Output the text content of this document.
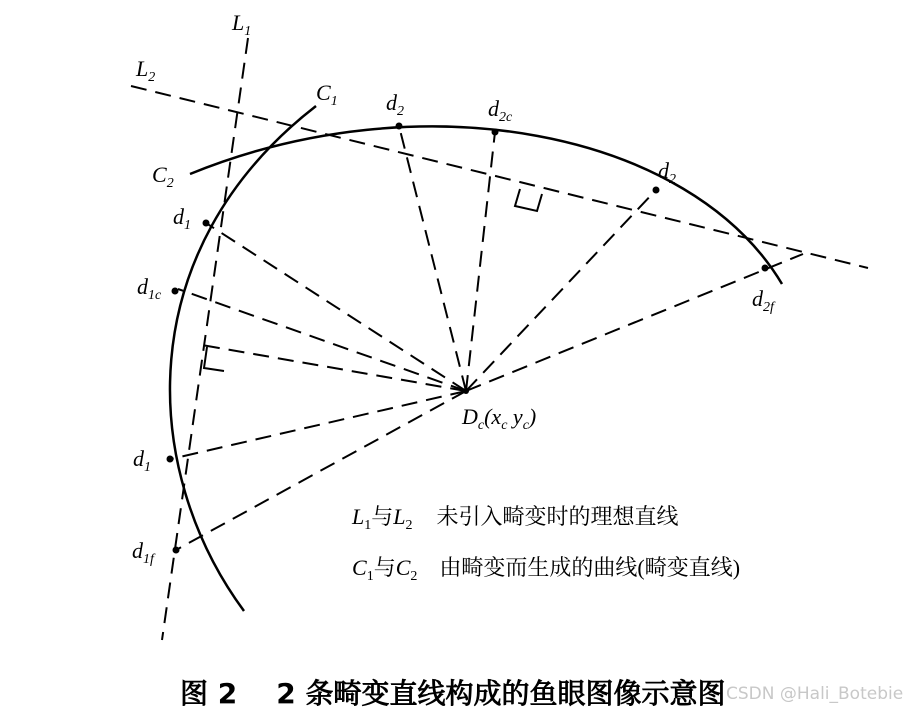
$L_1$
$L_2$
$C_1$
$C_2$
$d_2$	$d_{2c}$
$d_2$
$d_{2f}$
$d_1$
$d_{1c}$
$d_1$
$d_{1f}$
$D_c(x_c$ $y_c$)
$L_1$与$L_2$ 未引入畸变时的理想直线
$C_1$与$C_2$ 由畸变而生成的曲线(畸变直线)
图 2    2 条畸变直线构成的鱼眼图像示意图 CSDN @Hali_Botebie
